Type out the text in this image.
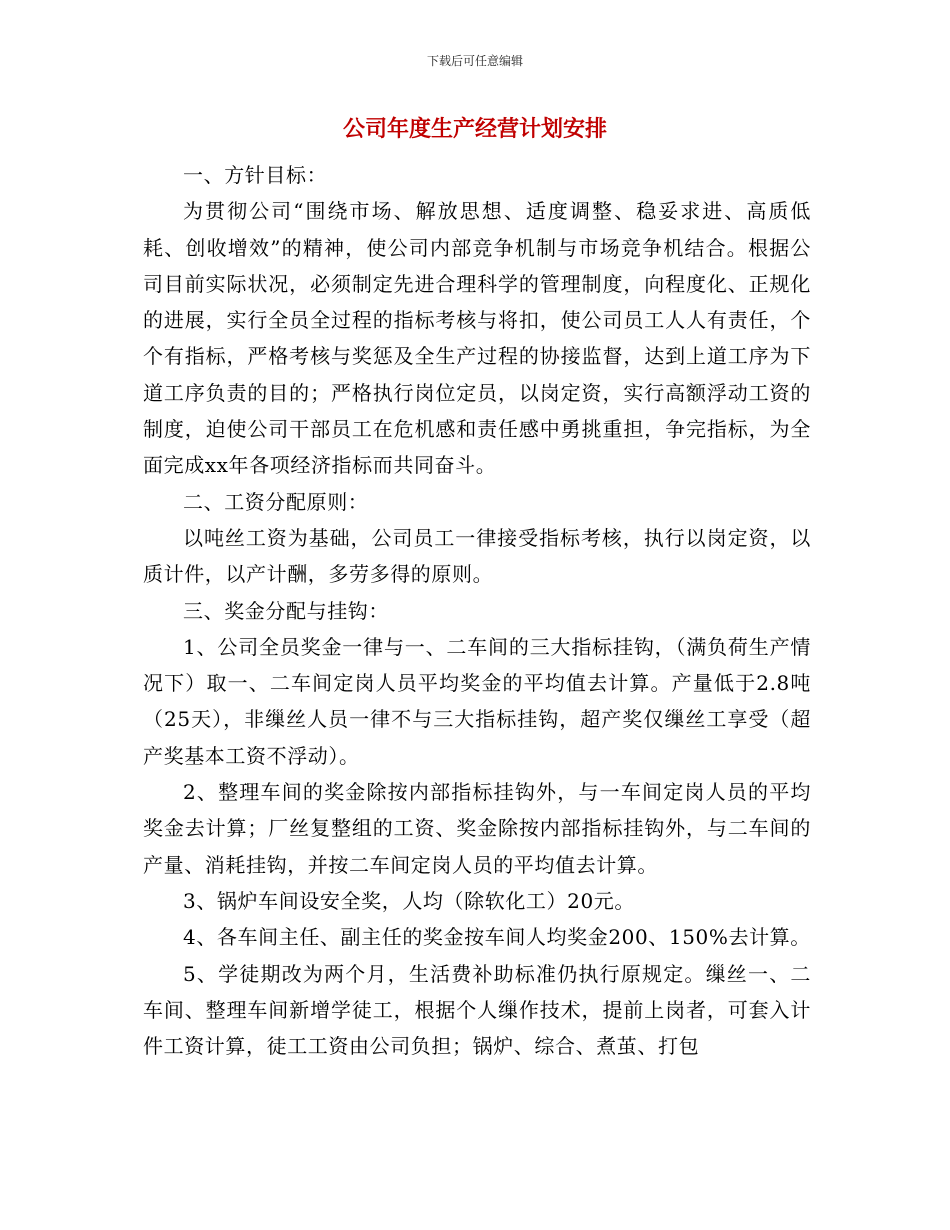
下载后可任意编辑
公司年度生产经营计划安排

一、方针目标：

为贯彻公司“围绕市场、解放思想、适度调整、稳妥求进、高质低耗、创收增效”的精神，使公司内部竞争机制与市场竞争机结合。根据公司目前实际状况，必须制定先进合理科学的管理制度，向程度化、正规化的进展，实行全员全过程的指标考核与将扣，使公司员工人人有责任，个个有指标，严格考核与奖惩及全生产过程的协接监督，达到上道工序为下道工序负责的目的；严格执行岗位定员，以岗定资，实行高额浮动工资的制度，迫使公司干部员工在危机感和责任感中勇挑重担，争完指标，为全面完成xx年各项经济指标而共同奋斗。

二、工资分配原则：

以吨丝工资为基础，公司员工一律接受指标考核，执行以岗定资，以质计件，以产计酬，多劳多得的原则。

三、奖金分配与挂钩：

1、公司全员奖金一律与一、二车间的三大指标挂钩，（满负荷生产情况下）取一、二车间定岗人员平均奖金的平均值去计算。产量低于2.8吨（25天），非缫丝人员一律不与三大指标挂钩，超产奖仅缫丝工享受（超产奖基本工资不浮动）。

2、整理车间的奖金除按内部指标挂钩外，与一车间定岗人员的平均奖金去计算；厂丝复整组的工资、奖金除按内部指标挂钩外，与二车间的产量、消耗挂钩，并按二车间定岗人员的平均值去计算。

3、锅炉车间设安全奖，人均（除软化工）20元。

4、各车间主任、副主任的奖金按车间人均奖金200、150%去计算。

5、学徒期改为两个月，生活费补助标准仍执行原规定。缫丝一、二车间、整理车间新增学徒工，根据个人缫作技术，提前上岗者，可套入计件工资计算，徒工工资由公司负担；锅炉、综合、煮茧、打包
